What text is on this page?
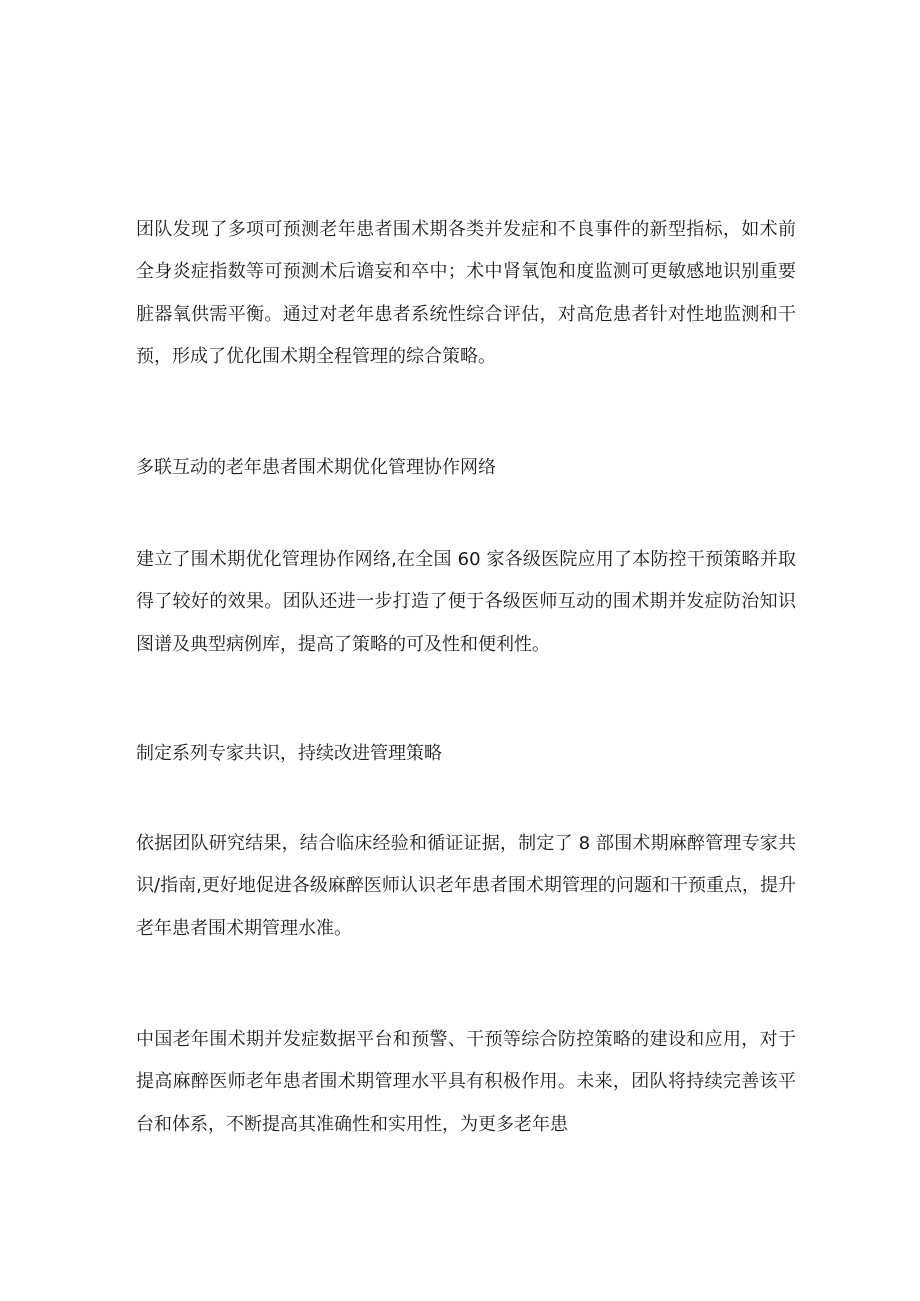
团队发现了多项可预测老年患者围术期各类并发症和不良事件的新型指标，如术前全身炎症指数等可预测术后谵妄和卒中；术中肾氧饱和度监测可更敏感地识别重要脏器氧供需平衡。通过对老年患者系统性综合评估，对高危患者针对性地监测和干预，形成了优化围术期全程管理的综合策略。

多联互动的老年患者围术期优化管理协作网络

建立了围术期优化管理协作网络,在全国 60 家各级医院应用了本防控干预策略并取得了较好的效果。团队还进一步打造了便于各级医师互动的围术期并发症防治知识图谱及典型病例库，提高了策略的可及性和便利性。

制定系列专家共识，持续改进管理策略

依据团队研究结果，结合临床经验和循证证据，制定了 8 部围术期麻醉管理专家共识/指南,更好地促进各级麻醉医师认识老年患者围术期管理的问题和干预重点，提升老年患者围术期管理水准。

中国老年围术期并发症数据平台和预警、干预等综合防控策略的建设和应用，对于提高麻醉医师老年患者围术期管理水平具有积极作用。未来，团队将持续完善该平台和体系，不断提高其准确性和实用性，为更多老年患
